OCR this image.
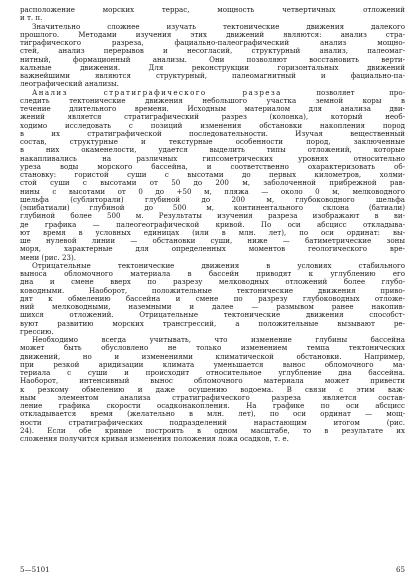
расположение морских террас, мощность четвертичных отложений
и т. п.
Значительно сложнее изучать тектонические движения далекого
прошлого. Методами изучения этих движений являются: анализ стра-
тиграфического разреза, фациально-палеографический анализ мощно-
стей, анализ перерывов и несогласий, структурный анализ, палеомаг-
нитный, формационный анализы. Они позволяют восстановить верти-
кальные движения. Для реконструкции горизонтальных движений
важнейшими являются структурный, палеомагнитный и фациально-па-
леографический анализы.
Анализ стратиграфического разреза позволяет про-
следить тектонические движения небольшого участка земной коры в
течение длительного времени. Исходным материалом для анализа дви-
жений является стратиграфический разрез (колонка), который необ-
ходимо исследовать с позиций изменения обстановки накопления пород
в их стратиграфической последовательности. Изучая вещественный
состав, структурные и текстурные особенности пород, заключенные
в них окаменелости, удается выделить типы отложений, которые
накапливались на различных гипсометрических уровнях относительно
уреза воды морского бассейна, и соответственно охарактеризовать об-
становку: гористой суши с высотами до первых километров, холми-
стой суши с высотами от 50 до 200 м, заболоченной прибрежной рав-
нины с высотами от 0 до +50 м, пляжа — около 0 м, мелководного
шельфа (сублиторали) глубиной до 200 м, глубоководного шельфа
(эпибатиали) глубиной до 500 м, континентального склона (батиали)
глубиной более 500 м. Результаты изучения разреза изображают в ви-
де графика — палеогеографической кривой. По оси абсцисс откладыва-
ют время в условных единицах (или в млн. лет), по оси ординат: вы-
ше нулевой линии — обстановки суши, ниже — батиметрические зоны
моря, характерные для определенных моментов геологического вре-
мени (рис. 23).
Отрицательные тектонические движения в условиях стабильного
выноса обломочного материала в бассейн приводят к углублению его
дна и смене вверх по разрезу мелководных отложений более глубо-
ководными. Наоборот, положительные тектонические движения приво-
дят к обмелению бассейна и смене по разрезу глубоководных отложе-
ний мелководными, наземными и далее — размывом ранее накопив-
шихся отложений. Отрицательные тектонические движения способст-
вуют развитию морских трансгрессий, а положительные вызывают ре-
грессию.
Необходимо всегда учитывать, что изменение глубины бассейна
может быть обусловлено не только изменением темпа тектонических
движений, но и изменениями климатической обстановки. Например,
при резкой аридизации климата уменьшается вынос обломочного ма-
териала с суши и происходит относительное углубление дна бассейна.
Наоборот, интенсивный вынос обломочного материала может привести
к резкому обмелению и даже осушению водоема. В связи с этим важ-
ным элементом анализа стратиграфического разреза является состав-
ление графика скорости осадконакопления. На графике по оси абсцисс
откладывается время (желательно в млн. лет), по оси ординат — мощ-
ности стратиграфических подразделений нарастающим итогом (рис.
24). Если обе кривые построить в одном масштабе, то в результате их
сложения получится кривая изменения положения ложа осадков, т. е.
5—5101	65
